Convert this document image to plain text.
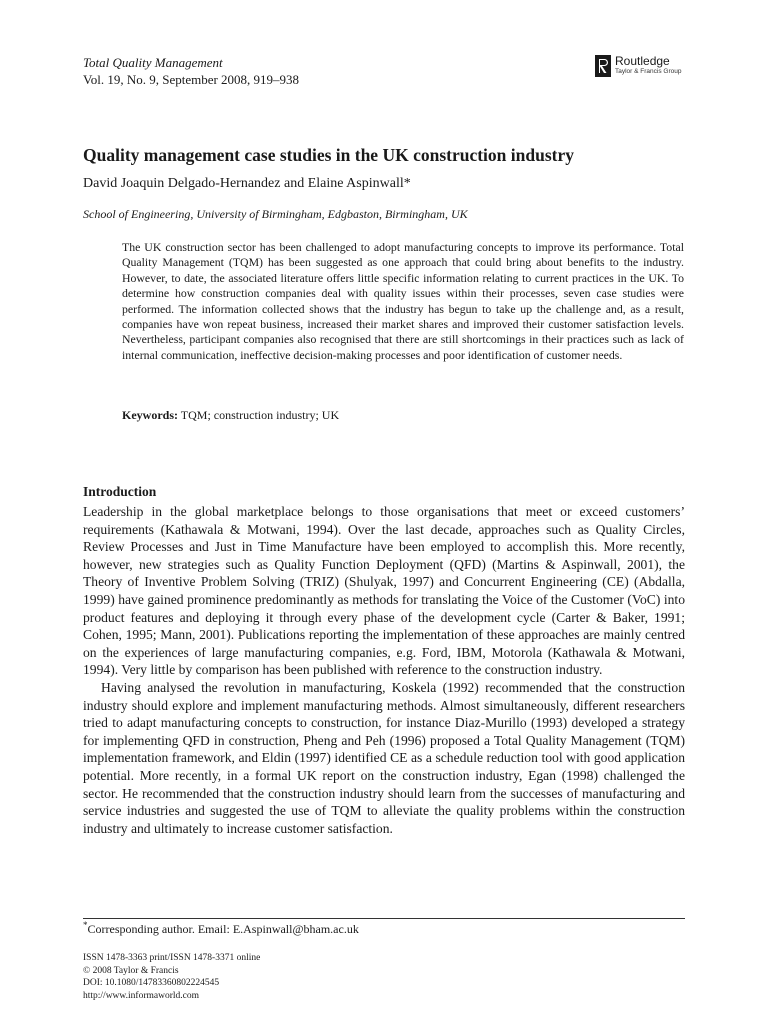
Total Quality Management
Vol. 19, No. 9, September 2008, 919–938
Routledge
Taylor & Francis Group
Quality management case studies in the UK construction industry
David Joaquin Delgado-Hernandez and Elaine Aspinwall*
School of Engineering, University of Birmingham, Edgbaston, Birmingham, UK
The UK construction sector has been challenged to adopt manufacturing concepts to improve its performance. Total Quality Management (TQM) has been suggested as one approach that could bring about benefits to the industry. However, to date, the associated literature offers little specific information relating to current practices in the UK. To determine how construction companies deal with quality issues within their processes, seven case studies were performed. The information collected shows that the industry has begun to take up the challenge and, as a result, companies have won repeat business, increased their market shares and improved their customer satisfaction levels. Nevertheless, participant companies also recognised that there are still shortcomings in their practices such as lack of internal communication, ineffective decision-making processes and poor identification of customer needs.
Keywords: TQM; construction industry; UK
Introduction

Leadership in the global marketplace belongs to those organisations that meet or exceed customers’ requirements (Kathawala & Motwani, 1994). Over the last decade, approaches such as Quality Circles, Review Processes and Just in Time Manufacture have been employed to accomplish this. More recently, however, new strategies such as Quality Function Deployment (QFD) (Martins & Aspinwall, 2001), the Theory of Inventive Problem Solving (TRIZ) (Shulyak, 1997) and Concurrent Engineering (CE) (Abdalla, 1999) have gained prominence predominantly as methods for translating the Voice of the Customer (VoC) into product features and deploying it through every phase of the development cycle (Carter & Baker, 1991; Cohen, 1995; Mann, 2001). Publications reporting the implementation of these approaches are mainly centred on the experiences of large manufacturing companies, e.g. Ford, IBM, Motorola (Kathawala & Motwani, 1994). Very little by comparison has been published with reference to the construction industry.

Having analysed the revolution in manufacturing, Koskela (1992) recommended that the construction industry should explore and implement manufacturing methods. Almost simultaneously, different researchers tried to adapt manufacturing concepts to construction, for instance Diaz-Murillo (1993) developed a strategy for implementing QFD in construction, Pheng and Peh (1996) proposed a Total Quality Management (TQM) implementation framework, and Eldin (1997) identified CE as a schedule reduction tool with good application potential. More recently, in a formal UK report on the construction industry, Egan (1998) challenged the sector. He recommended that the construction industry should learn from the successes of manufacturing and service industries and suggested the use of TQM to alleviate the quality problems within the construction industry and ultimately to increase customer satisfaction.

*Corresponding author. Email: E.Aspinwall@bham.ac.uk
ISSN 1478-3363 print/ISSN 1478-3371 online
© 2008 Taylor & Francis
DOI: 10.1080/14783360802224545
http://www.informaworld.com
